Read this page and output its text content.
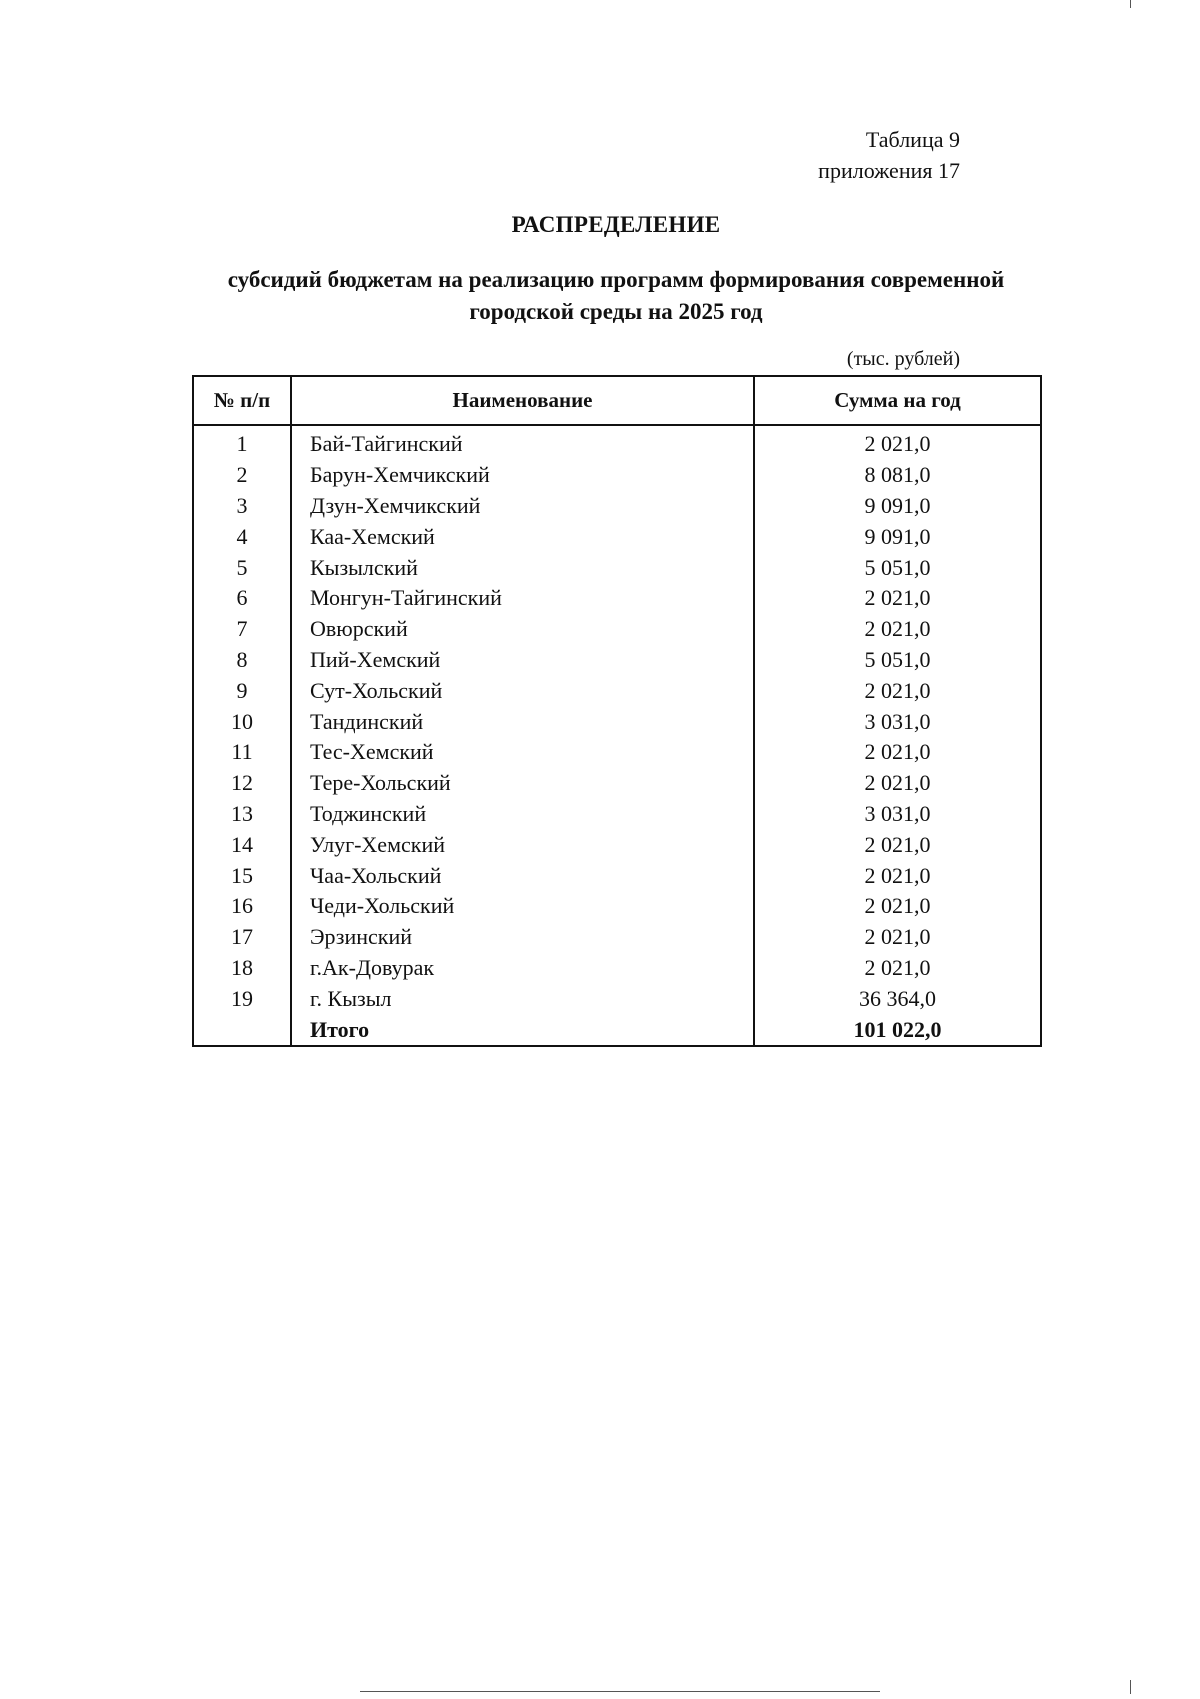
Таблица 9
приложения 17
РАСПРЕДЕЛЕНИЕ
субсидий бюджетам на реализацию программ формирования современной городской среды на 2025 год
(тыс. рублей)
№ п/п	Наименование	Сумма на год
1	Бай-Тайгинский	2 021,0
2	Барун-Хемчикский	8 081,0
3	Дзун-Хемчикский	9 091,0
4	Каа-Хемский	9 091,0
5	Кызылский	5 051,0
6	Монгун-Тайгинский	2 021,0
7	Овюрский	2 021,0
8	Пий-Хемский	5 051,0
9	Сут-Хольский	2 021,0
10	Тандинский	3 031,0
11	Тес-Хемский	2 021,0
12	Тере-Хольский	2 021,0
13	Тоджинский	3 031,0
14	Улуг-Хемский	2 021,0
15	Чаа-Хольский	2 021,0
16	Чеди-Хольский	2 021,0
17	Эрзинский	2 021,0
18	г.Ак-Довурак	2 021,0
19	г. Кызыл	36 364,0
	Итого	101 022,0
